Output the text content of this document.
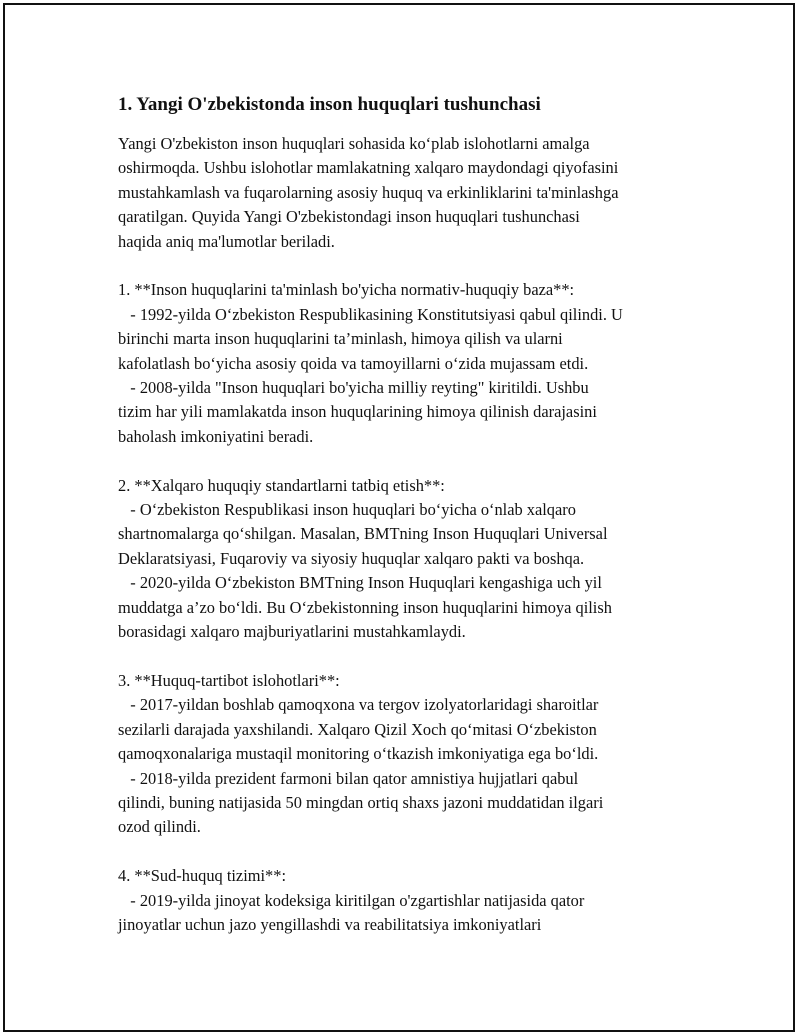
1. Yangi O'zbekistonda inson huquqlari tushunchasi

Yangi O'zbekiston inson huquqlari sohasida ko‘plab islohotlarni amalga

oshirmoqda. Ushbu islohotlar mamlakatning xalqaro maydondagi qiyofasini

mustahkamlash va fuqarolarning asosiy huquq va erkinliklarini ta'minlashga

qaratilgan. Quyida Yangi O'zbekistondagi inson huquqlari tushunchasi

haqida aniq ma'lumotlar beriladi.

1. **Inson huquqlarini ta'minlash bo'yicha normativ-huquqiy baza**:

- 1992-yilda O‘zbekiston Respublikasining Konstitutsiyasi qabul qilindi. U

birinchi marta inson huquqlarini ta’minlash, himoya qilish va ularni

kafolatlash bo‘yicha asosiy qoida va tamoyillarni o‘zida mujassam etdi.

- 2008-yilda "Inson huquqlari bo'yicha milliy reyting" kiritildi. Ushbu

tizim har yili mamlakatda inson huquqlarining himoya qilinish darajasini

baholash imkoniyatini beradi.

2. **Xalqaro huquqiy standartlarni tatbiq etish**:

- O‘zbekiston Respublikasi inson huquqlari bo‘yicha o‘nlab xalqaro

shartnomalarga qo‘shilgan. Masalan, BMTning Inson Huquqlari Universal

Deklaratsiyasi, Fuqaroviy va siyosiy huquqlar xalqaro pakti va boshqa.

- 2020-yilda O‘zbekiston BMTning Inson Huquqlari kengashiga uch yil

muddatga a’zo bo‘ldi. Bu O‘zbekistonning inson huquqlarini himoya qilish

borasidagi xalqaro majburiyatlarini mustahkamlaydi.

3. **Huquq-tartibot islohotlari**:

- 2017-yildan boshlab qamoqxona va tergov izolyatorlaridagi sharoitlar

sezilarli darajada yaxshilandi. Xalqaro Qizil Xoch qo‘mitasi O‘zbekiston

qamoqxonalariga mustaqil monitoring o‘tkazish imkoniyatiga ega bo‘ldi.

- 2018-yilda prezident farmoni bilan qator amnistiya hujjatlari qabul

qilindi, buning natijasida 50 mingdan ortiq shaxs jazoni muddatidan ilgari

ozod qilindi.

4. **Sud-huquq tizimi**:

- 2019-yilda jinoyat kodeksiga kiritilgan o'zgartishlar natijasida qator

jinoyatlar uchun jazo yengillashdi va reabilitatsiya imkoniyatlari
